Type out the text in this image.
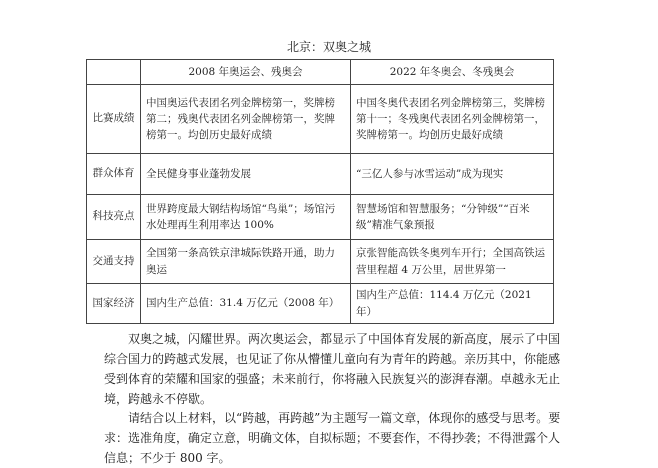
北京：双奥之城
	2008 年奥运会、残奥会	2022 年冬奥会、冬残奥会
比赛成绩	中国奥运代表团名列金牌榜第一，奖牌榜第二；残奥代表团名列金牌榜第一，奖牌榜第一。均创历史最好成绩	中国冬奥代表团名列金牌榜第三，奖牌榜第十一；冬残奥代表团名列金牌榜第一，奖牌榜第一。均创历史最好成绩
群众体育	全民健身事业蓬勃发展	“三亿人参与冰雪运动”成为现实
科技亮点	世界跨度最大钢结构场馆“鸟巢”；场馆污水处理再生利用率达 100%	智慧场馆和智慧服务；“分钟级”“百米级”精准气象预报
交通支持	全国第一条高铁京津城际铁路开通，助力奥运	京张智能高铁冬奥列车开行；全国高铁运营里程超 4 万公里，居世界第一
国家经济	国内生产总值：31.4 万亿元（2008 年）	国内生产总值：114.4 万亿元（2021 年）
双奥之城，闪耀世界。两次奥运会，都显示了中国体育发展的新高度，展示了中国综合国力的跨越式发展，也见证了你从懵懂儿童向有为青年的跨越。亲历其中，你能感受到体育的荣耀和国家的强盛；未来前行，你将融入民族复兴的澎湃春潮。卓越永无止境，跨越永不停歇。
请结合以上材料，以“跨越，再跨越”为主题写一篇文章，体现你的感受与思考。要求：选准角度，确定立意，明确文体，自拟标题；不要套作，不得抄袭；不得泄露个人信息；不少于 800 字。
